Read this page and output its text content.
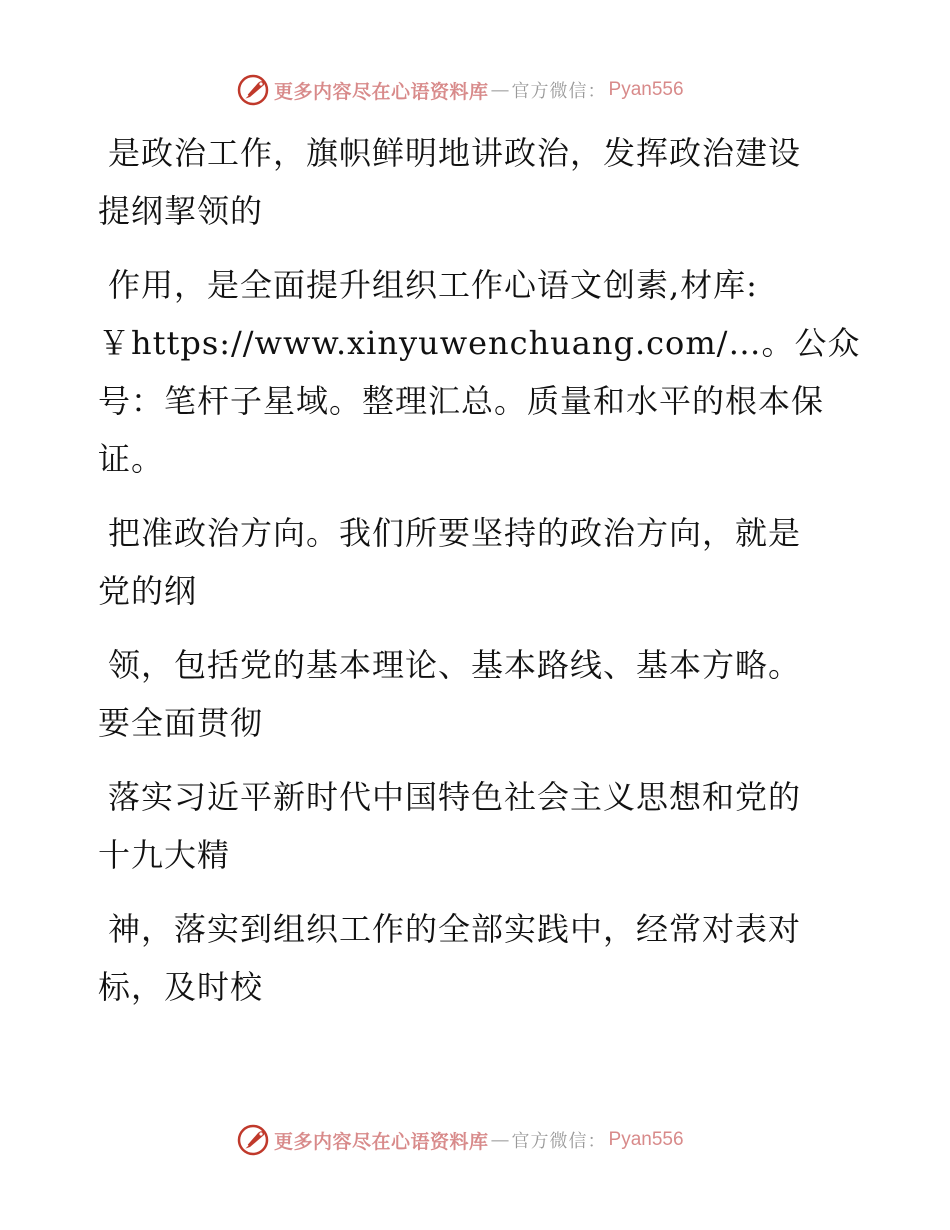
更多内容尽在心语资料库 — 官方微信： Pyan556

是政治工作，旗帜鲜明地讲政治，发挥政治建设
提纲挈领的

作用，是全面提升组织工作心语文创素,材库:
￥https://www.xinyuwenchuang.com/…。公众
号：笔杆子星域。整理汇总。质量和水平的根本保
证。

把准政治方向。我们所要坚持的政治方向，就是
党的纲

领，包括党的基本理论、基本路线、基本方略。
要全面贯彻

落实习近平新时代中国特色社会主义思想和党的
十九大精

神，落实到组织工作的全部实践中，经常对表对
标，及时校

更多内容尽在心语资料库 — 官方微信： Pyan556
